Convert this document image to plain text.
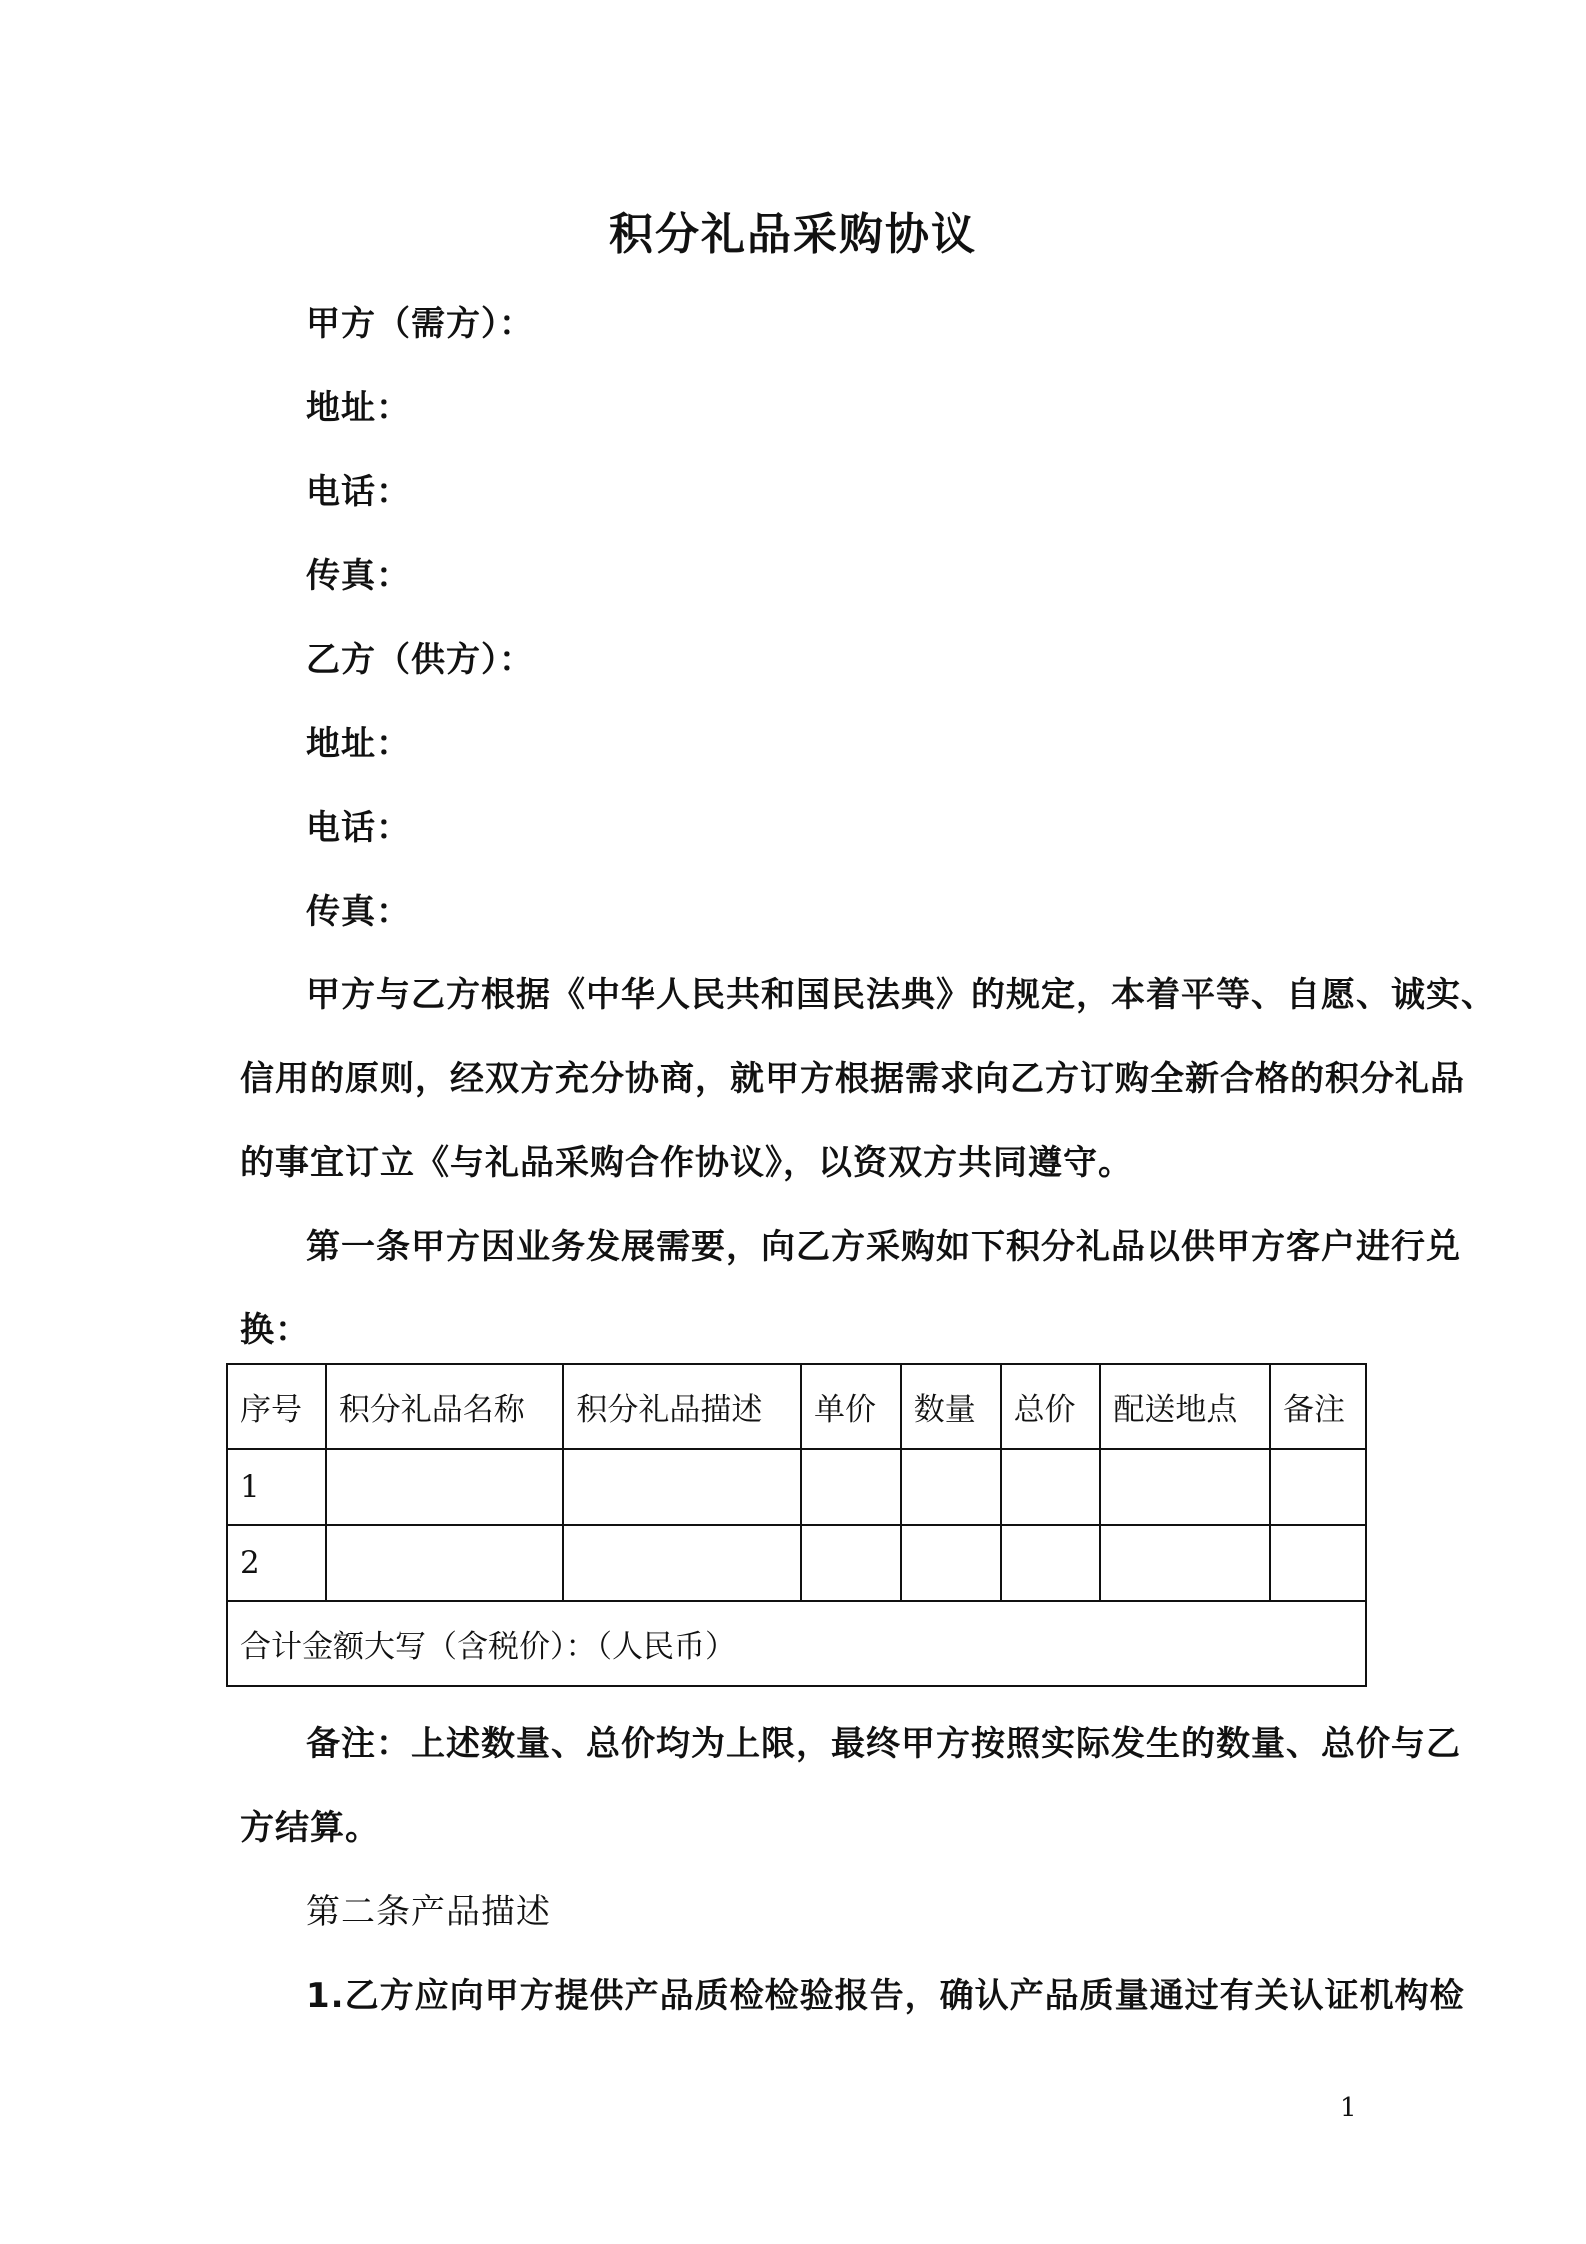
积分礼品采购协议
甲方（需方）：
地址：
电话：
传真：
乙方（供方）：
地址：
电话：
传真：
甲方与乙方根据《中华人民共和国民法典》的规定，本着平等、自愿、诚实、
信用的原则，经双方充分协商，就甲方根据需求向乙方订购全新合格的积分礼品
的事宜订立《与礼品采购合作协议》，以资双方共同遵守。
第一条甲方因业务发展需要，向乙方采购如下积分礼品以供甲方客户进行兑
换：
序号	积分礼品名称	积分礼品描述	单价	数量	总价	配送地点	备注
1							
2							
合计金额大写（含税价）：（人民币）							
备注：上述数量、总价均为上限，最终甲方按照实际发生的数量、总价与乙
方结算。
第二条产品描述
1.乙方应向甲方提供产品质检检验报告，确认产品质量通过有关认证机构检
1
